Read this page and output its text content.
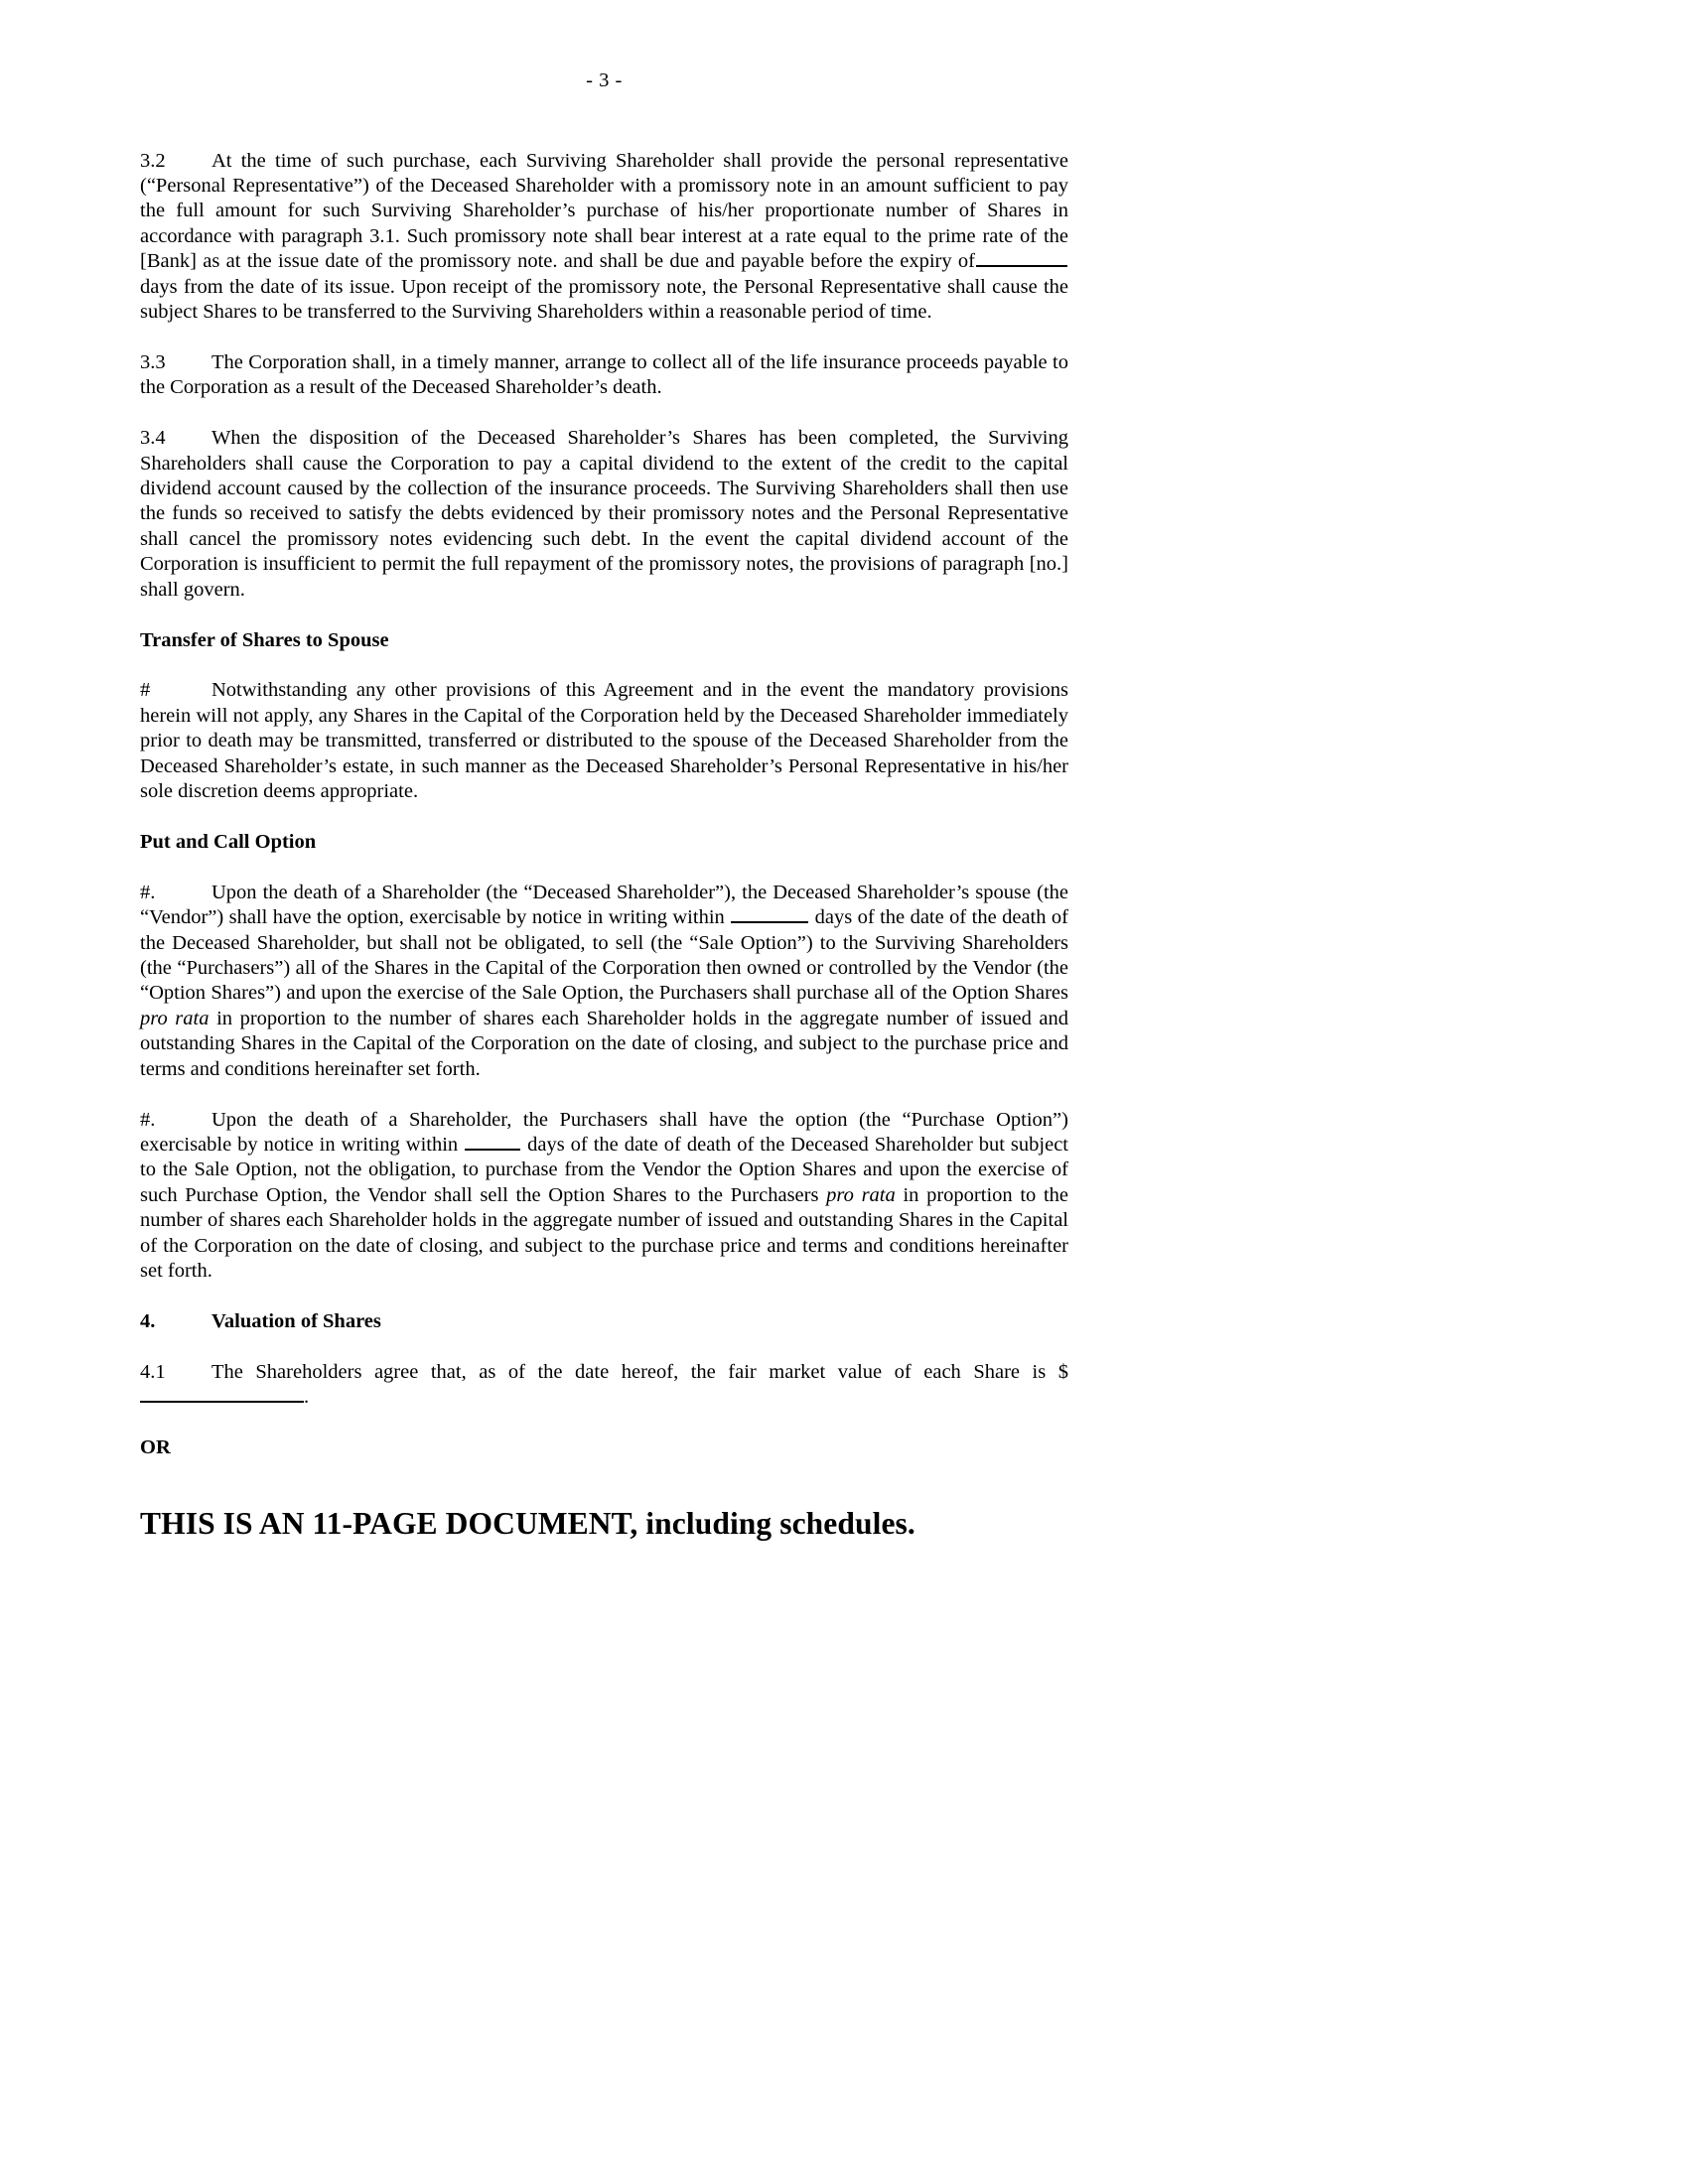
- 3 -

3.2 At the time of such purchase, each Surviving Shareholder shall provide the personal representative (“Personal Representative”) of the Deceased Shareholder with a promissory note in an amount sufficient to pay the full amount for such Surviving Shareholder’s purchase of his/her proportionate number of Shares in accordance with paragraph 3.1. Such promissory note shall bear interest at a rate equal to the prime rate of the [Bank] as at the issue date of the promissory note. and shall be due and payable before the expiry of days from the date of its issue. Upon receipt of the promissory note, the Personal Representative shall cause the subject Shares to be transferred to the Surviving Shareholders within a reasonable period of time.

3.3 The Corporation shall, in a timely manner, arrange to collect all of the life insurance proceeds payable to the Corporation as a result of the Deceased Shareholder’s death.

3.4 When the disposition of the Deceased Shareholder’s Shares has been completed, the Surviving Shareholders shall cause the Corporation to pay a capital dividend to the extent of the credit to the capital dividend account caused by the collection of the insurance proceeds. The Surviving Shareholders shall then use the funds so received to satisfy the debts evidenced by their promissory notes and the Personal Representative shall cancel the promissory notes evidencing such debt. In the event the capital dividend account of the Corporation is insufficient to permit the full repayment of the promissory notes, the provisions of paragraph [no.] shall govern.

Transfer of Shares to Spouse

#	Notwithstanding any other provisions of this Agreement and in the event the mandatory provisions herein will not apply, any Shares in the Capital of the Corporation held by the Deceased Shareholder immediately prior to death may be transmitted, transferred or distributed to the spouse of the Deceased Shareholder from the Deceased Shareholder’s estate, in such manner as the Deceased Shareholder’s Personal Representative in his/her sole discretion deems appropriate.

Put and Call Option

#.	Upon the death of a Shareholder (the “Deceased Shareholder”), the Deceased Shareholder’s spouse (the “Vendor”) shall have the option, exercisable by notice in writing within	days of the date of the death of the Deceased Shareholder, but shall not be obligated, to sell (the “Sale Option”) to the Surviving Shareholders (the “Purchasers”) all of the Shares in the Capital of the Corporation then owned or controlled by the Vendor (the “Option Shares”) and upon the exercise of the Sale Option, the Purchasers shall purchase all of the Option Shares pro rata in proportion to the number of shares each Shareholder holds in the aggregate number of issued and outstanding Shares in the Capital of the Corporation on the date of closing, and subject to the purchase price and terms and conditions hereinafter set forth.

#.	Upon the death of a Shareholder, the Purchasers shall have the option (the “Purchase Option”) exercisable by notice in writing within	days of the date of death of the Deceased Shareholder but subject to the Sale Option, not the obligation, to purchase from the Vendor the Option Shares and upon the exercise of such Purchase Option, the Vendor shall sell the Option Shares to the Purchasers pro rata in proportion to the number of shares each Shareholder holds in the aggregate number of issued and outstanding Shares in the Capital of the Corporation on the date of closing, and subject to the purchase price and terms and conditions hereinafter set forth.

4.	Valuation of Shares

4.1 The Shareholders agree that, as of the date hereof, the fair market value of each Share is $.

OR

THIS IS AN 11-PAGE DOCUMENT, including schedules.
